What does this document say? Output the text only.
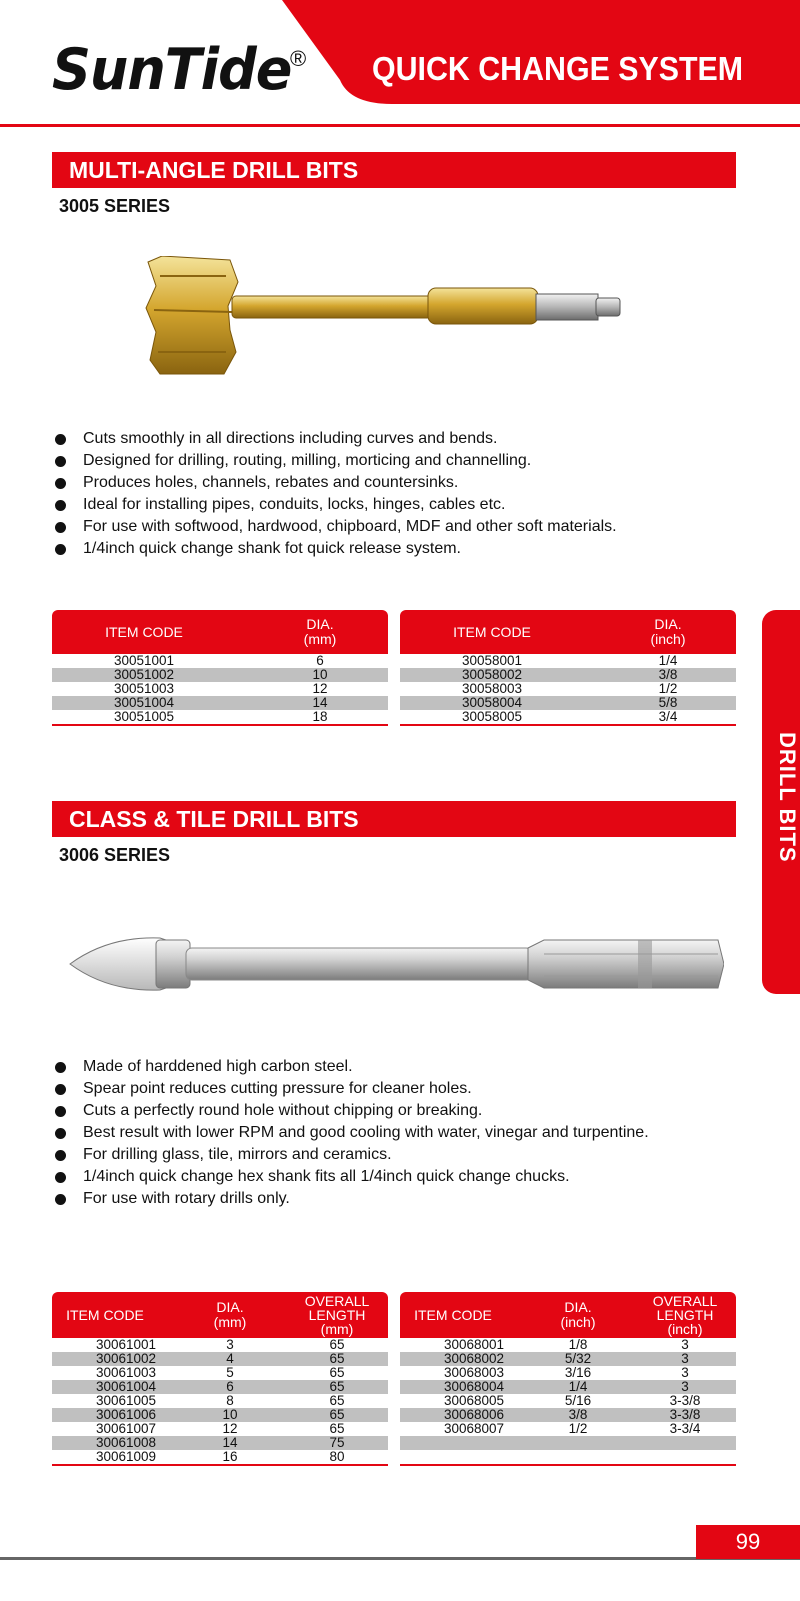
SunTide
® QUICK CHANGE SYSTEM
MULTI-ANGLE DRILL BITS
3005 SERIES
Cuts smoothly in all directions including curves and bends.
Designed for drilling, routing, milling, morticing and channelling.
Produces holes, channels, rebates and countersinks.
Ideal for installing pipes, conduits, locks, hinges, cables etc.
For use with softwood, hardwood, chipboard, MDF and other soft materials.
1/4inch quick change shank fot quick release system.
ITEM CODE	DIA.
(mm)
30051001	6
30051002	10
30051003	12
30051004	14
30051005	18
ITEM CODE	DIA.
(inch)
30058001	1/4
30058002	3/8
30058003	1/2
30058004	5/8
30058005	3/4
CLASS & TILE DRILL BITS
3006 SERIES
Made of harddened high carbon steel.
Spear point reduces cutting pressure for cleaner holes.
Cuts a perfectly round hole without chipping or breaking.
Best result with lower RPM and good cooling with water, vinegar and turpentine.
For drilling glass, tile, mirrors and ceramics.
1/4inch quick change hex shank fits all 1/4inch quick change chucks.
For use with rotary drills only.
ITEM CODE	DIA.
(mm)
OVERALL
LENGTH
(mm)
30061001	3	65
30061002	4	65
30061003	5	65
30061004	6	65
30061005	8	65
30061006	10	65
30061007	12	65
30061008	14	75
30061009	16	80
ITEM CODE	DIA.
(inch)
OVERALL
LENGTH
(inch)
30068001	1/8	3
30068002	5/32	3
30068003	3/16	3
30068004	1/4	3
30068005	5/16	3-3/8
30068006	3/8	3-3/8
30068007	1/2	3-3/4
DRILL BITS
99
